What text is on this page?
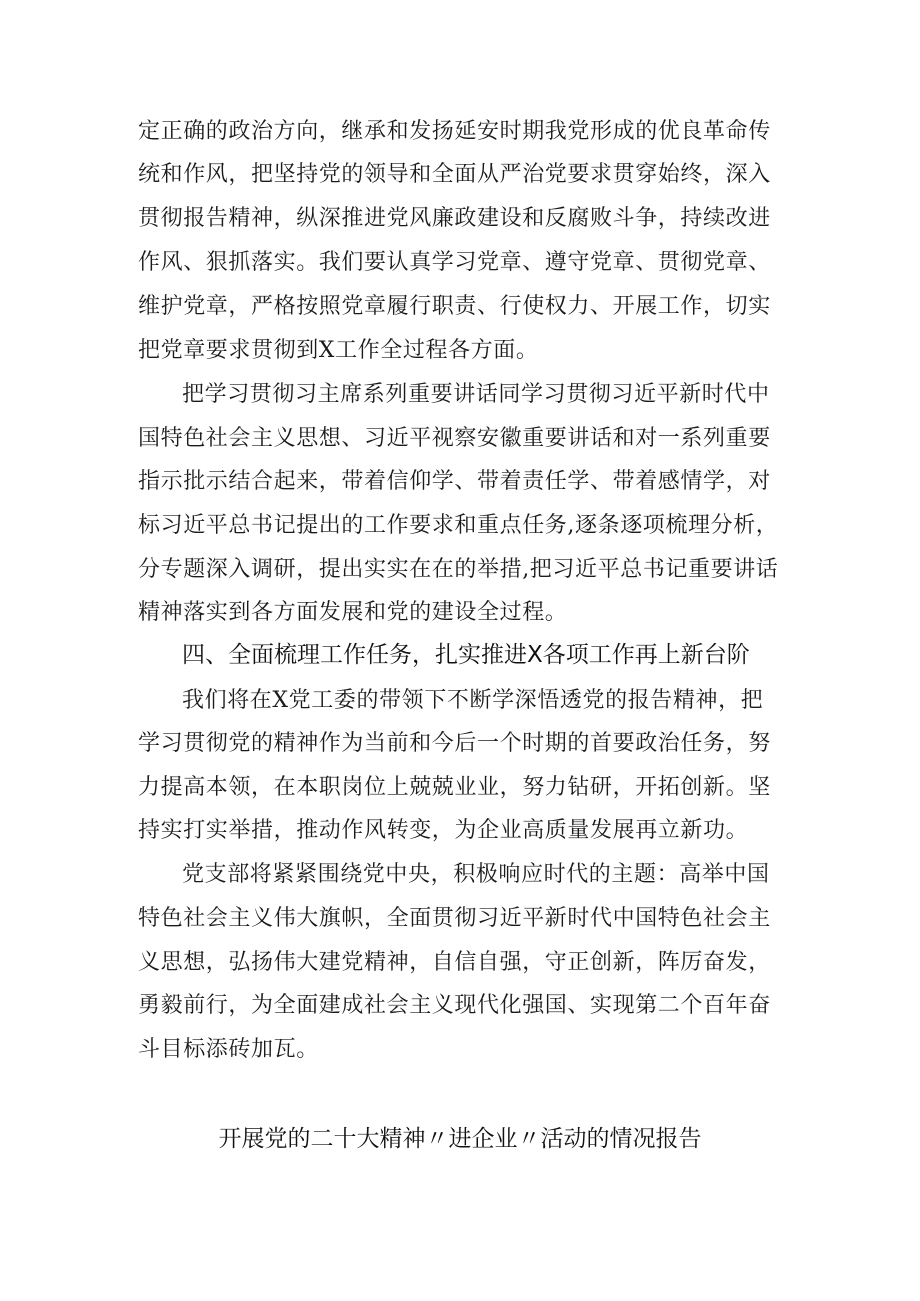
定正确的政治方向，继承和发扬延安时期我党形成的优良革命传
统和作风，把坚持党的领导和全面从严治党要求贯穿始终，深入
贯彻报告精神，纵深推进党风廉政建设和反腐败斗争，持续改进
作风、狠抓落实。我们要认真学习党章、遵守党章、贯彻党章、
维护党章，严格按照党章履行职责、行使权力、开展工作，切实
把党章要求贯彻到X工作全过程各方面。
把学习贯彻习主席系列重要讲话同学习贯彻习近平新时代中
国特色社会主义思想、习近平视察安徽重要讲话和对一系列重要
指示批示结合起来，带着信仰学、带着责任学、带着感情学，对
标习近平总书记提出的工作要求和重点任务,逐条逐项梳理分析，
分专题深入调研，提出实实在在的举措,把习近平总书记重要讲话
精神落实到各方面发展和党的建设全过程。
四、全面梳理工作任务，扎实推进X各项工作再上新台阶
我们将在X党工委的带领下不断学深悟透党的报告精神，把
学习贯彻党的精神作为当前和今后一个时期的首要政治任务，努
力提高本领，在本职岗位上兢兢业业，努力钻研，开拓创新。坚
持实打实举措，推动作风转变，为企业高质量发展再立新功。
党支部将紧紧围绕党中央，积极响应时代的主题：高举中国
特色社会主义伟大旗帜，全面贯彻习近平新时代中国特色社会主
义思想，弘扬伟大建党精神，自信自强，守正创新，阵厉奋发，
勇毅前行，为全面建成社会主义现代化强国、实现第二个百年奋
斗目标添砖加瓦。
开展党的二十大精神〃进企业〃活动的情况报告
